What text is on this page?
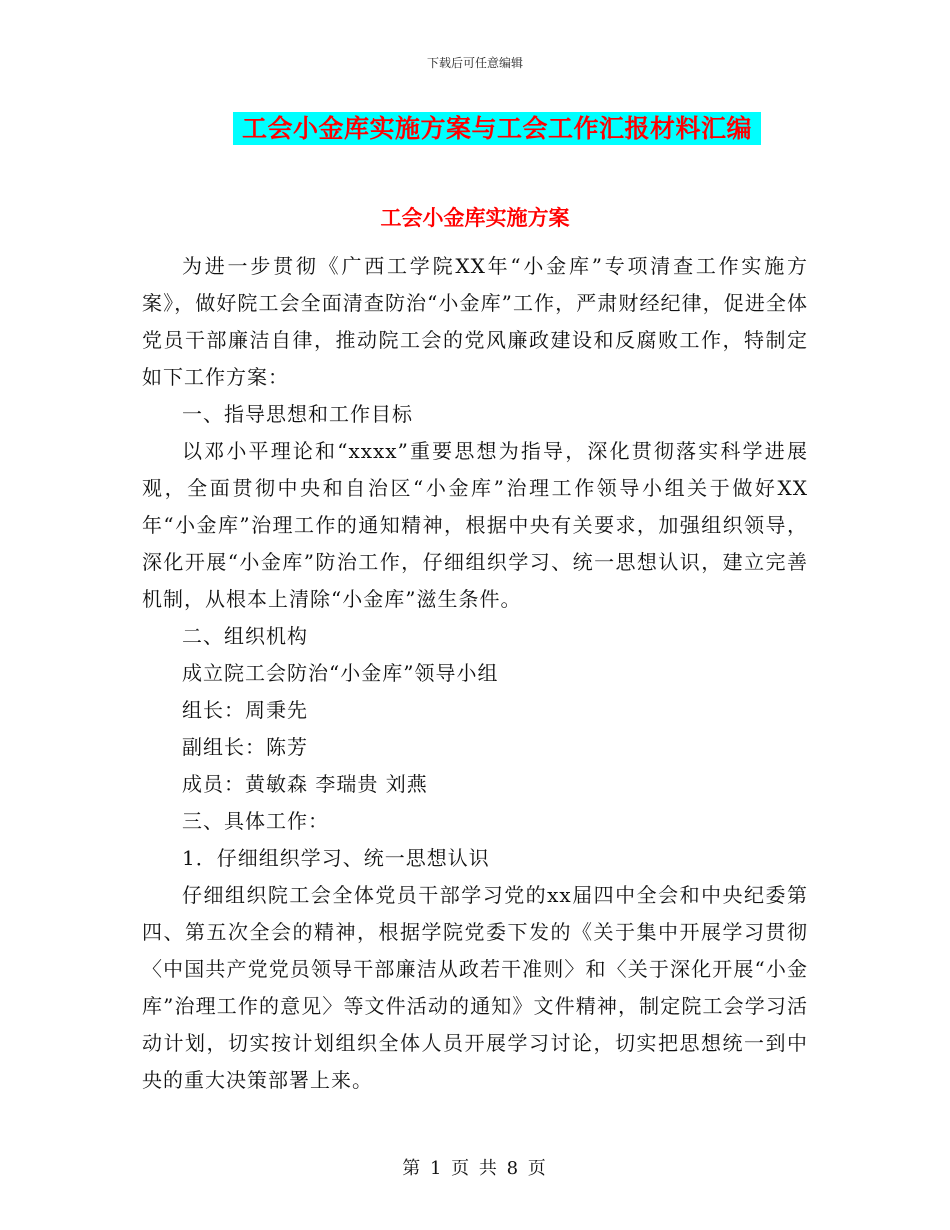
下载后可任意编辑
工会小金库实施方案与工会工作汇报材料汇编
工会小金库实施方案

为进一步贯彻《广西工学院XX年“小金库”专项清查工作实施方案》，做好院工会全面清查防治“小金库”工作，严肃财经纪律，促进全体党员干部廉洁自律，推动院工会的党风廉政建设和反腐败工作，特制定如下工作方案：

一、指导思想和工作目标

以邓小平理论和“xxxx”重要思想为指导，深化贯彻落实科学进展观，全面贯彻中央和自治区“小金库”治理工作领导小组关于做好XX年“小金库”治理工作的通知精神，根据中央有关要求，加强组织领导，深化开展“小金库”防治工作，仔细组织学习、统一思想认识，建立完善机制，从根本上清除“小金库”滋生条件。

二、组织机构

成立院工会防治“小金库”领导小组

组长：周秉先

副组长：陈芳

成员：黄敏森 李瑞贵 刘燕

三、具体工作：

1．仔细组织学习、统一思想认识

仔细组织院工会全体党员干部学习党的xx届四中全会和中央纪委第四、第五次全会的精神，根据学院党委下发的《关于集中开展学习贯彻〈中国共产党党员领导干部廉洁从政若干准则〉和〈关于深化开展“小金库”治理工作的意见〉等文件活动的通知》文件精神，制定院工会学习活动计划，切实按计划组织全体人员开展学习讨论，切实把思想统一到中央的重大决策部署上来。

第 1 页 共 8 页
